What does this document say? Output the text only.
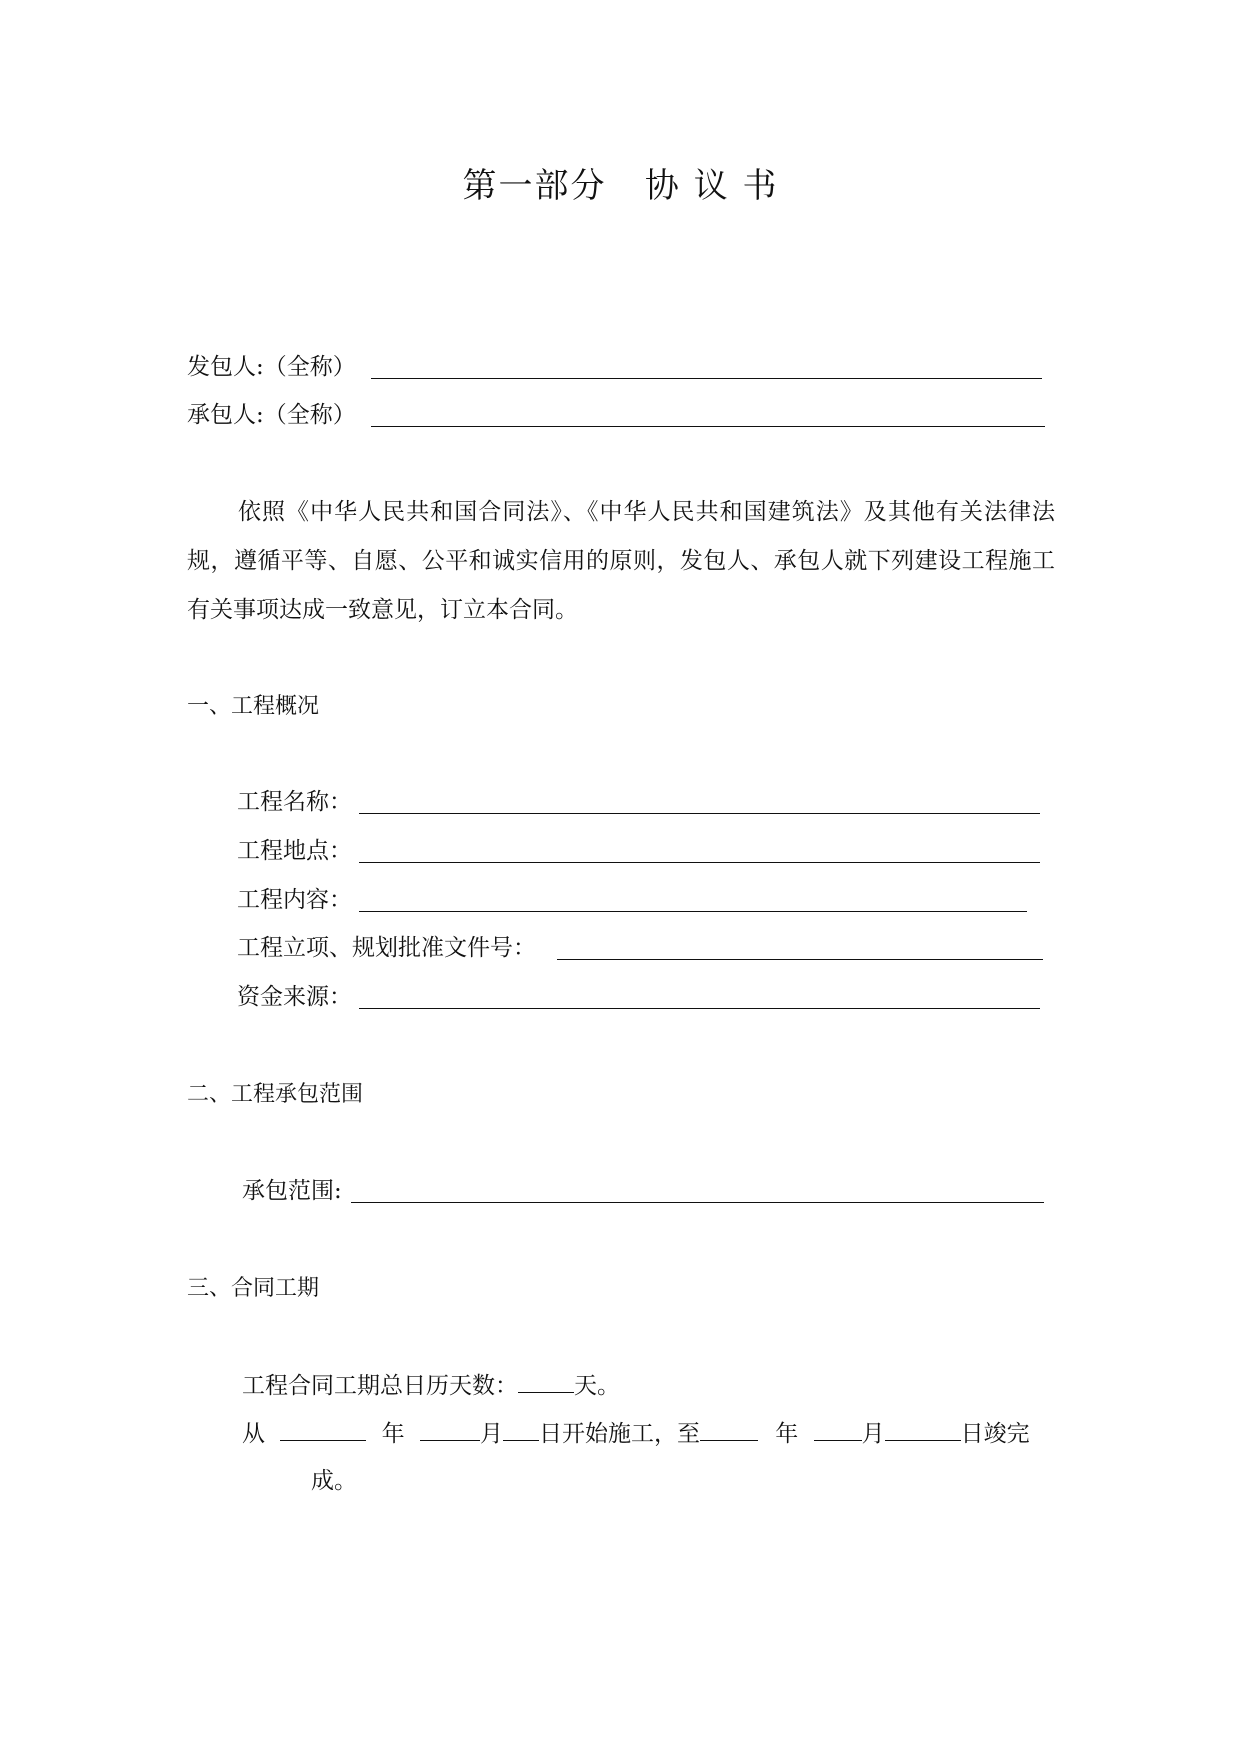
第一部分   协 议 书
发包人:（全称）
承包人:（全称）
依照《中华人民共和国合同法》、《中华人民共和国建筑法》及其他有关法律法规，遵循平等、自愿、公平和诚实信用的原则，发包人、承包人就下列建设工程施工有关事项达成一致意见，订立本合同。
一、工程概况
工程名称：
工程地点：
工程内容：
工程立项、规划批准文件号：
资金来源：
二、工程承包范围
承包范围:
三、合同工期
工程合同工期总日历天数： 天。
从	年	月 日开始施工，至	年	月	日竣完
成。
